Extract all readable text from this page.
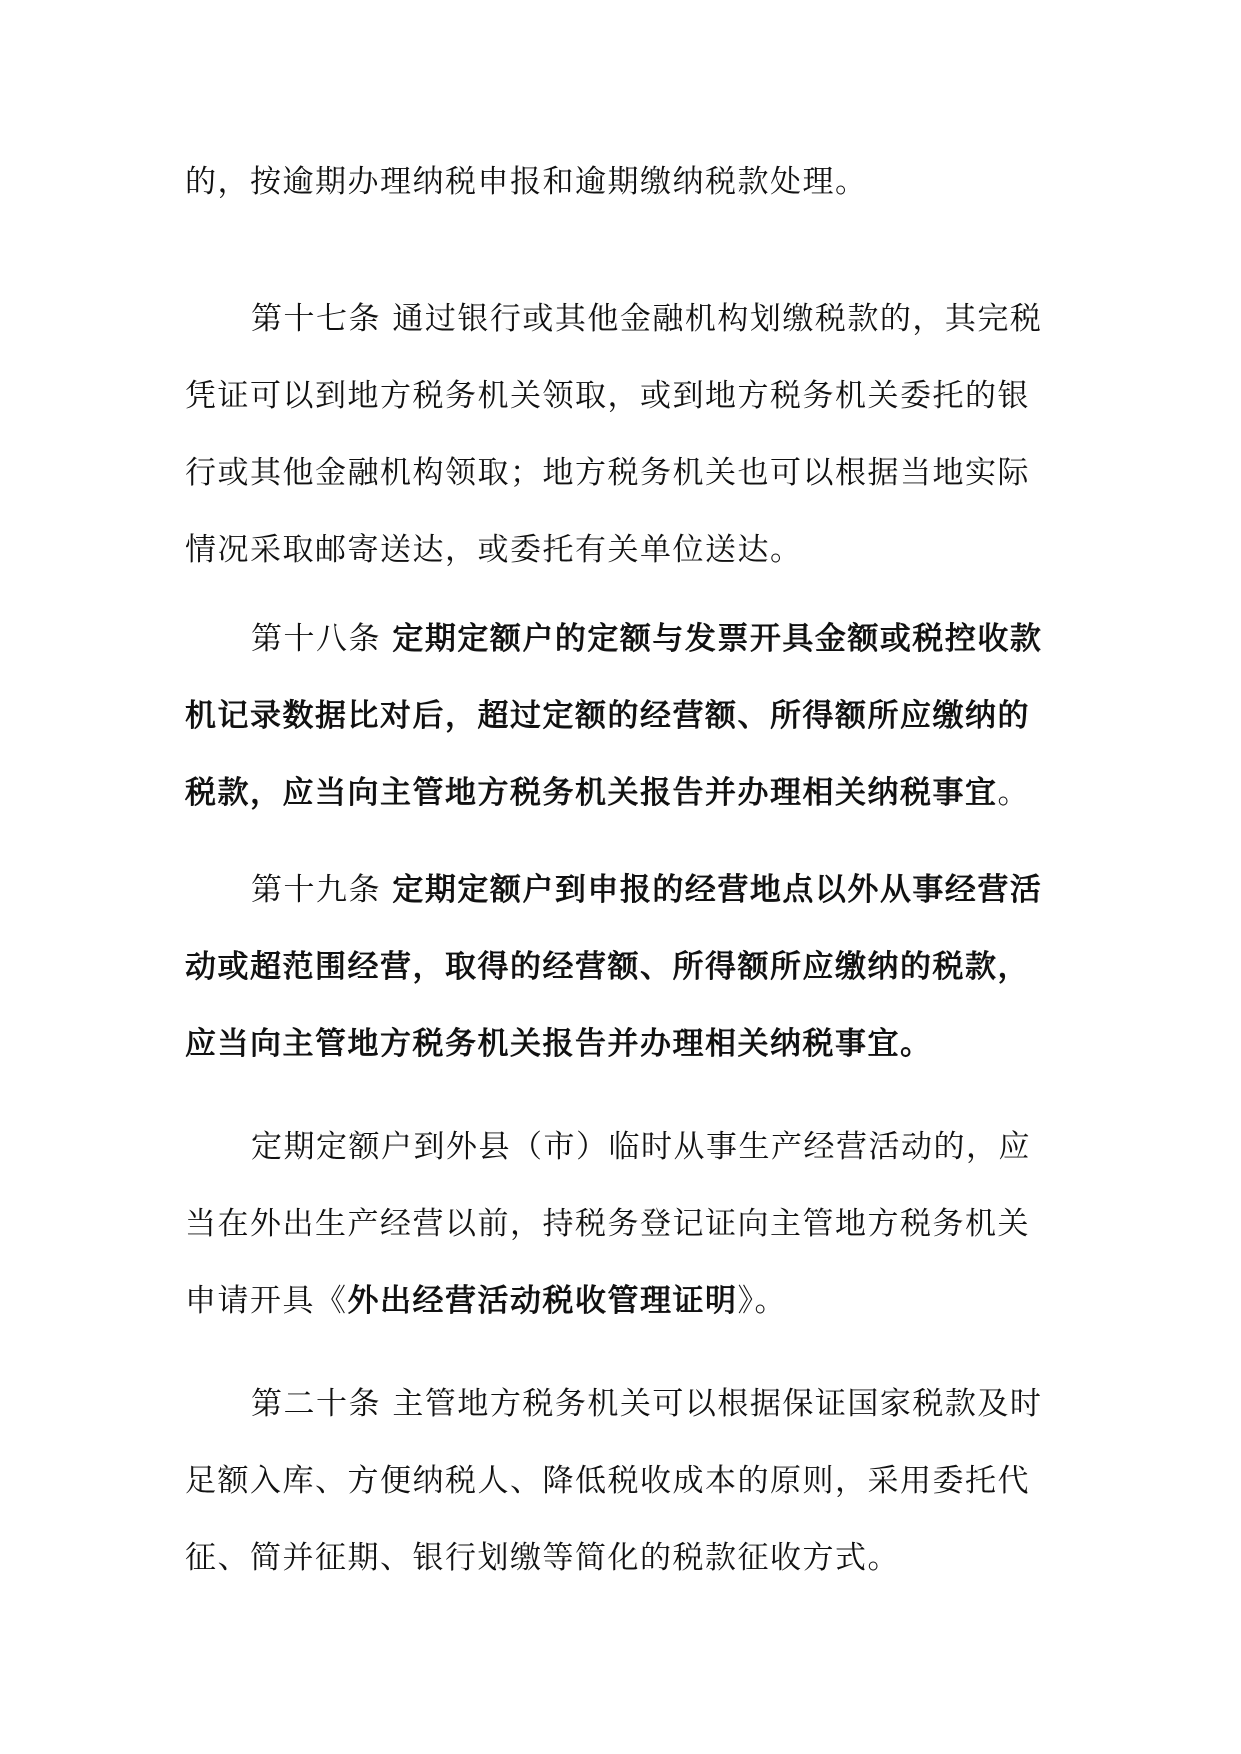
的，按逾期办理纳税申报和逾期缴纳税款处理。
第十七条 通过银行或其他金融机构划缴税款的，其完税
凭证可以到地方税务机关领取，或到地方税务机关委托的银
行或其他金融机构领取；地方税务机关也可以根据当地实际
情况采取邮寄送达，或委托有关单位送达。
第十八条 定期定额户的定额与发票开具金额或税控收款
机记录数据比对后，超过定额的经营额、所得额所应缴纳的
税款，应当向主管地方税务机关报告并办理相关纳税事宜。
第十九条 定期定额户到申报的经营地点以外从事经营活
动或超范围经营，取得的经营额、所得额所应缴纳的税款，
应当向主管地方税务机关报告并办理相关纳税事宜。
定期定额户到外县（市）临时从事生产经营活动的，应
当在外出生产经营以前，持税务登记证向主管地方税务机关
申请开具《外出经营活动税收管理证明》。
第二十条 主管地方税务机关可以根据保证国家税款及时
足额入库、方便纳税人、降低税收成本的原则，采用委托代
征、简并征期、银行划缴等简化的税款征收方式。
